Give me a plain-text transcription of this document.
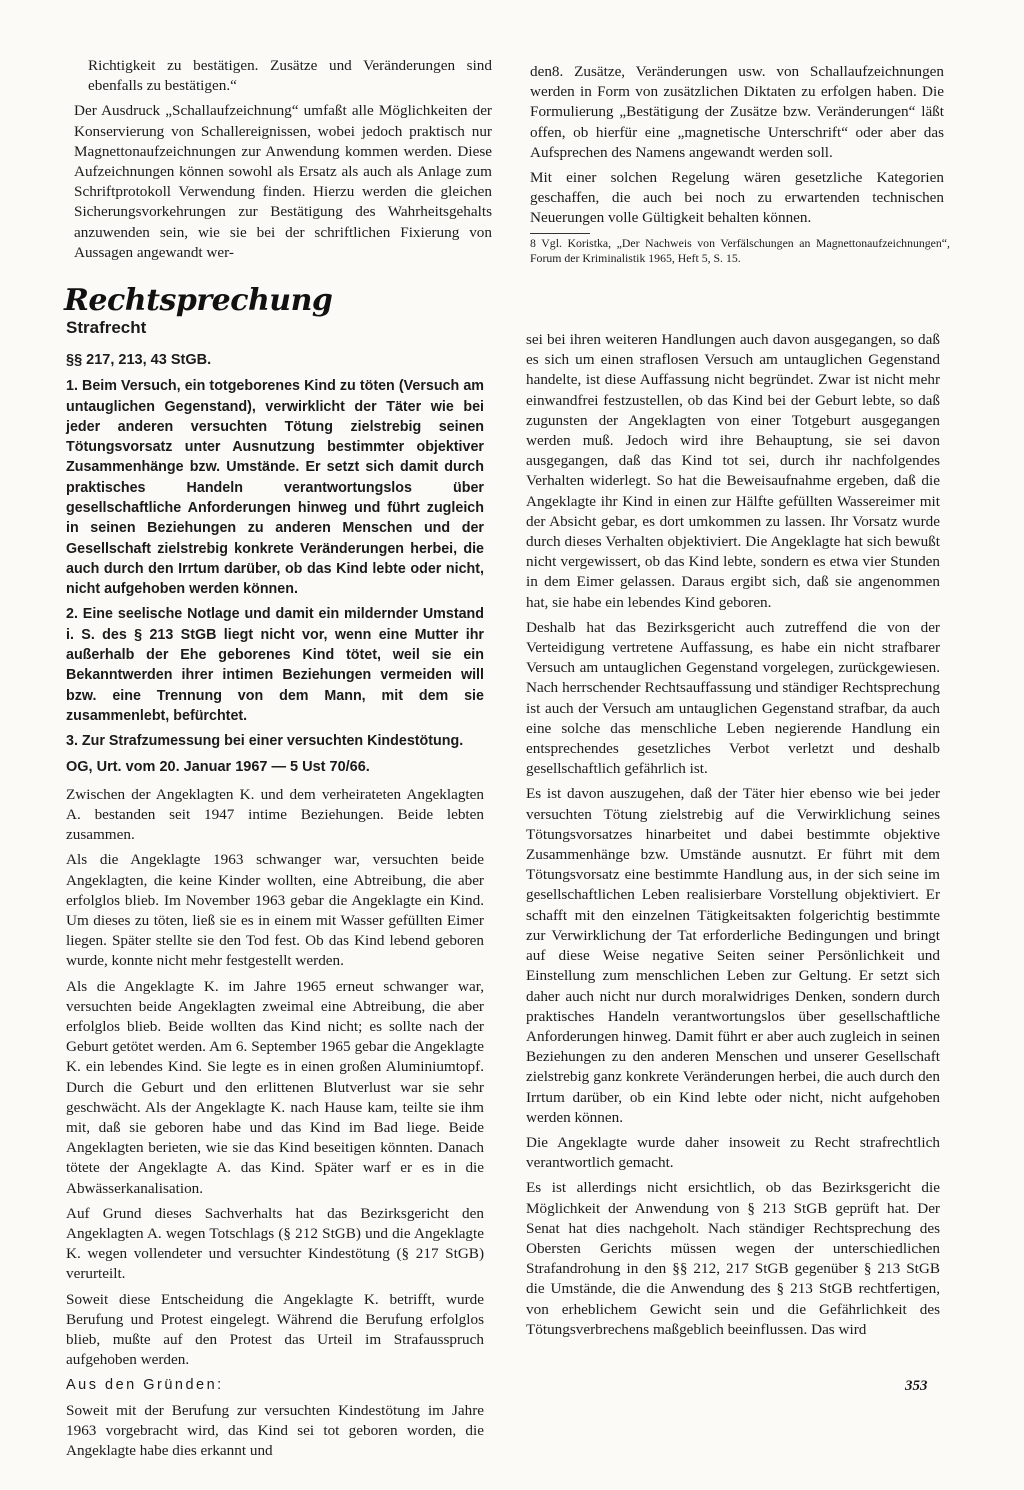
Richtigkeit zu bestätigen. Zusätze und Veränderungen sind ebenfalls zu bestätigen.“

Der Ausdruck „Schallaufzeichnung“ umfaßt alle Möglichkeiten der Konservierung von Schallereignissen, wobei jedoch praktisch nur Magnettonaufzeichnungen zur Anwendung kommen werden. Diese Aufzeichnungen können sowohl als Ersatz als auch als Anlage zum Schriftprotokoll Verwendung finden. Hierzu werden die gleichen Sicherungsvorkehrungen zur Bestätigung des Wahrheitsgehalts anzuwenden sein, wie sie bei der schriftlichen Fixierung von Aussagen angewandt wer-

den8. Zusätze, Veränderungen usw. von Schallaufzeichnungen werden in Form von zusätzlichen Diktaten zu erfolgen haben. Die Formulierung „Bestätigung der Zusätze bzw. Veränderungen“ läßt offen, ob hierfür eine „magnetische Unterschrift“ oder aber das Aufsprechen des Namens angewandt werden soll.

Mit einer solchen Regelung wären gesetzliche Kategorien geschaffen, die auch bei noch zu erwartenden technischen Neuerungen volle Gültigkeit behalten können.

8 Vgl. Koristka, „Der Nachweis von Verfälschungen an Magnettonaufzeichnungen“, Forum der Kriminalistik 1965, Heft 5, S. 15.
Rechtsprechung
Strafrecht

§§ 217, 213, 43 StGB.

1. Beim Versuch, ein totgeborenes Kind zu töten (Versuch am untauglichen Gegenstand), verwirklicht der Täter wie bei jeder anderen versuchten Tötung zielstrebig seinen Tötungsvorsatz unter Ausnutzung bestimmter objektiver Zusammenhänge bzw. Umstände. Er setzt sich damit durch praktisches Handeln verantwortungslos über gesellschaftliche Anforderungen hinweg und führt zugleich in seinen Beziehungen zu anderen Menschen und der Gesellschaft zielstrebig konkrete Veränderungen herbei, die auch durch den Irrtum darüber, ob das Kind lebte oder nicht, nicht aufgehoben werden können.

2. Eine seelische Notlage und damit ein mildernder Umstand i. S. des § 213 StGB liegt nicht vor, wenn eine Mutter ihr außerhalb der Ehe geborenes Kind tötet, weil sie ein Bekanntwerden ihrer intimen Beziehungen vermeiden will bzw. eine Trennung von dem Mann, mit dem sie zusammenlebt, befürchtet.

3. Zur Strafzumessung bei einer versuchten Kindestötung.

OG, Urt. vom 20. Januar 1967 — 5 Ust 70/66.

Zwischen der Angeklagten K. und dem verheirateten Angeklagten A. bestanden seit 1947 intime Beziehungen. Beide lebten zusammen.

Als die Angeklagte 1963 schwanger war, versuchten beide Angeklagten, die keine Kinder wollten, eine Abtreibung, die aber erfolglos blieb. Im November 1963 gebar die Angeklagte ein Kind. Um dieses zu töten, ließ sie es in einem mit Wasser gefüllten Eimer liegen. Später stellte sie den Tod fest. Ob das Kind lebend geboren wurde, konnte nicht mehr festgestellt werden.

Als die Angeklagte K. im Jahre 1965 erneut schwanger war, versuchten beide Angeklagten zweimal eine Abtreibung, die aber erfolglos blieb. Beide wollten das Kind nicht; es sollte nach der Geburt getötet werden. Am 6. September 1965 gebar die Angeklagte K. ein lebendes Kind. Sie legte es in einen großen Aluminiumtopf. Durch die Geburt und den erlittenen Blutverlust war sie sehr geschwächt. Als der Angeklagte K. nach Hause kam, teilte sie ihm mit, daß sie geboren habe und das Kind im Bad liege. Beide Angeklagten berieten, wie sie das Kind beseitigen könnten. Danach tötete der Angeklagte A. das Kind. Später warf er es in die Abwässerkanalisation.

Auf Grund dieses Sachverhalts hat das Bezirksgericht den Angeklagten A. wegen Totschlags (§ 212 StGB) und die Angeklagte K. wegen vollendeter und versuchter Kindestötung (§ 217 StGB) verurteilt.

Soweit diese Entscheidung die Angeklagte K. betrifft, wurde Berufung und Protest eingelegt. Während die Berufung erfolglos blieb, mußte auf den Protest das Urteil im Strafausspruch aufgehoben werden.

Aus den Gründen:

Soweit mit der Berufung zur versuchten Kindestötung im Jahre 1963 vorgebracht wird, das Kind sei tot geboren worden, die Angeklagte habe dies erkannt und

sei bei ihren weiteren Handlungen auch davon ausgegangen, so daß es sich um einen straflosen Versuch am untauglichen Gegenstand handelte, ist diese Auffassung nicht begründet. Zwar ist nicht mehr einwandfrei festzustellen, ob das Kind bei der Geburt lebte, so daß zugunsten der Angeklagten von einer Totgeburt ausgegangen werden muß. Jedoch wird ihre Behauptung, sie sei davon ausgegangen, daß das Kind tot sei, durch ihr nachfolgendes Verhalten widerlegt. So hat die Beweisaufnahme ergeben, daß die Angeklagte ihr Kind in einen zur Hälfte gefüllten Wassereimer mit der Absicht gebar, es dort umkommen zu lassen. Ihr Vorsatz wurde durch dieses Verhalten objektiviert. Die Angeklagte hat sich bewußt nicht vergewissert, ob das Kind lebte, sondern es etwa vier Stunden in dem Eimer gelassen. Daraus ergibt sich, daß sie angenommen hat, sie habe ein lebendes Kind geboren.

Deshalb hat das Bezirksgericht auch zutreffend die von der Verteidigung vertretene Auffassung, es habe ein nicht strafbarer Versuch am untauglichen Gegenstand vorgelegen, zurückgewiesen. Nach herrschender Rechtsauffassung und ständiger Rechtsprechung ist auch der Versuch am untauglichen Gegenstand strafbar, da auch eine solche das menschliche Leben negierende Handlung ein entsprechendes gesetzliches Verbot verletzt und deshalb gesellschaftlich gefährlich ist.

Es ist davon auszugehen, daß der Täter hier ebenso wie bei jeder versuchten Tötung zielstrebig auf die Verwirklichung seines Tötungsvorsatzes hinarbeitet und dabei bestimmte objektive Zusammenhänge bzw. Umstände ausnutzt. Er führt mit dem Tötungsvorsatz eine bestimmte Handlung aus, in der sich seine im gesellschaftlichen Leben realisierbare Vorstellung objektiviert. Er schafft mit den einzelnen Tätigkeitsakten folgerichtig bestimmte zur Verwirklichung der Tat erforderliche Bedingungen und bringt auf diese Weise negative Seiten seiner Persönlichkeit und Einstellung zum menschlichen Leben zur Geltung. Er setzt sich daher auch nicht nur durch moralwidriges Denken, sondern durch praktisches Handeln verantwortungslos über gesellschaftliche Anforderungen hinweg. Damit führt er aber auch zugleich in seinen Beziehungen zu den anderen Menschen und unserer Gesellschaft zielstrebig ganz konkrete Veränderungen herbei, die auch durch den Irrtum darüber, ob ein Kind lebte oder nicht, nicht aufgehoben werden können.

Die Angeklagte wurde daher insoweit zu Recht strafrechtlich verantwortlich gemacht.

Es ist allerdings nicht ersichtlich, ob das Bezirksgericht die Möglichkeit der Anwendung von § 213 StGB geprüft hat. Der Senat hat dies nachgeholt. Nach ständiger Rechtsprechung des Obersten Gerichts müssen wegen der unterschiedlichen Strafandrohung in den §§ 212, 217 StGB gegenüber § 213 StGB die Umstände, die die Anwendung des § 213 StGB rechtfertigen, von erheblichem Gewicht sein und die Gefährlichkeit des Tötungsverbrechens maßgeblich beeinflussen. Das wird

353
